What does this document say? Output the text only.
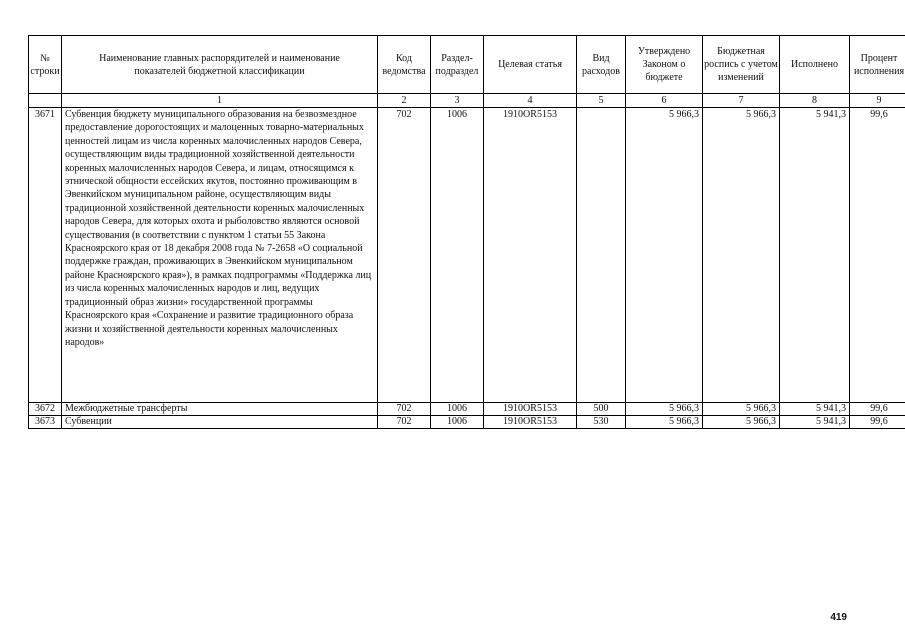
№
строки	Наименование главных распорядителей и наименование показателей бюджетной классификации	Код ведомства	Раздел-подраздел	Целевая статья	Вид расходов	Утверждено Законом о бюджете	Бюджетная роспись с учетом изменений	Исполнено	Процент исполнения
	1	2	3	4	5	6	7	8	9
3671	Субвенция бюджету муниципального образования на безвозмездное предоставление дорогостоящих и малоценных товарно-материальных ценностей лицам из числа коренных малочисленных народов Севера, осуществляющим виды традиционной хозяйственной деятельности коренных малочисленных народов Севера, и лицам, относящимся к этнической общности ессейских якутов, постоянно проживающим в Эвенкийском муниципальном районе, осуществляющим виды традиционной хозяйственной деятельности коренных малочисленных народов Севера, для которых охота и рыболовство являются основой существования (в соответствии с пунктом 1 статьи 55 Закона Красноярского края от 18 декабря 2008 года № 7-2658 «О социальной поддержке граждан, проживающих в Эвенкийском муниципальном районе Красноярского края»), в рамках подпрограммы «Поддержка лиц из числа коренных малочисленных народов и лиц, ведущих традиционный образ жизни» государственной программы Красноярского края «Сохранение и развитие традиционного образа жизни и хозяйственной деятельности коренных малочисленных народов»	702	1006	1910OR5153		5 966,3	5 966,3	5 941,3	99,6
3672	Межбюджетные трансферты	702	1006	1910OR5153	500	5 966,3	5 966,3	5 941,3	99,6
3673	Субвенции	702	1006	1910OR5153	530	5 966,3	5 966,3	5 941,3	99,6
419
